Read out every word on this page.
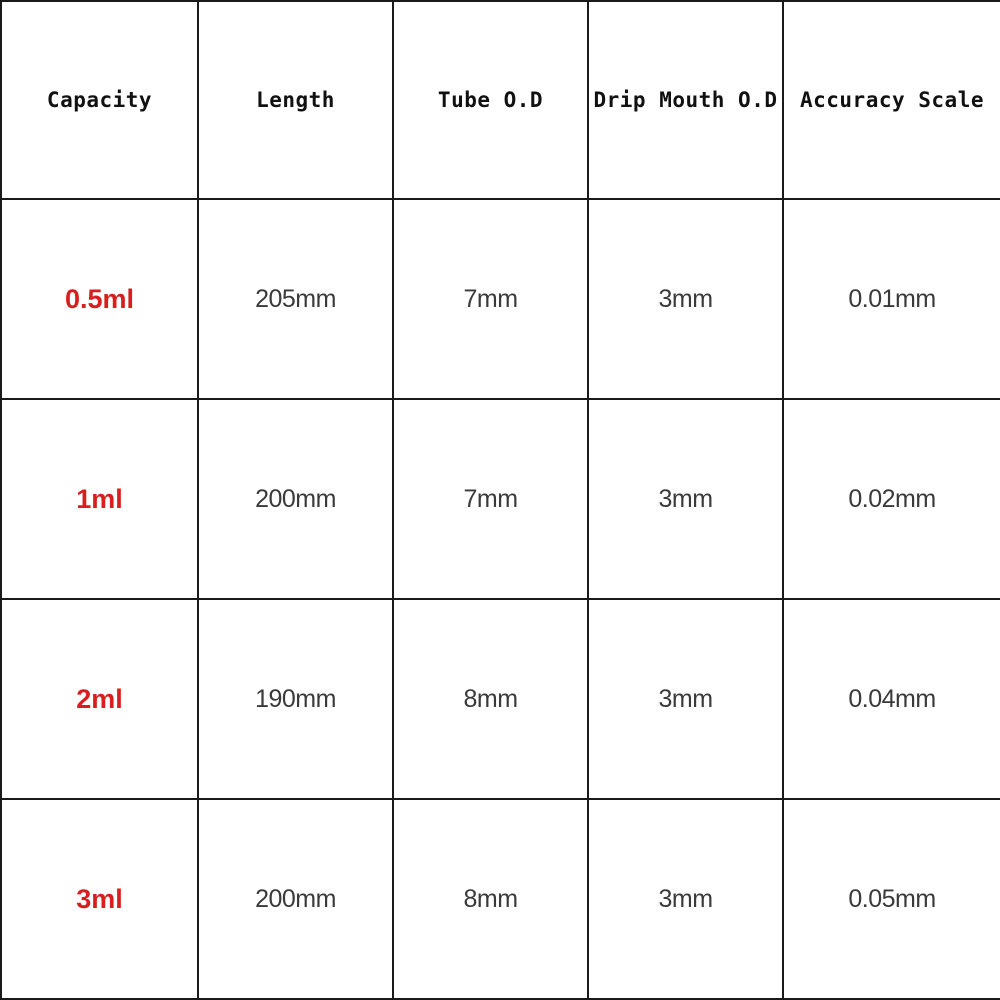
Capacity	Length	Tube O.D	Drip Mouth O.D	Accuracy Scale
0.5ml	205mm	7mm	3mm	0.01mm
1ml	200mm	7mm	3mm	0.02mm
2ml	190mm	8mm	3mm	0.04mm
3ml	200mm	8mm	3mm	0.05mm
